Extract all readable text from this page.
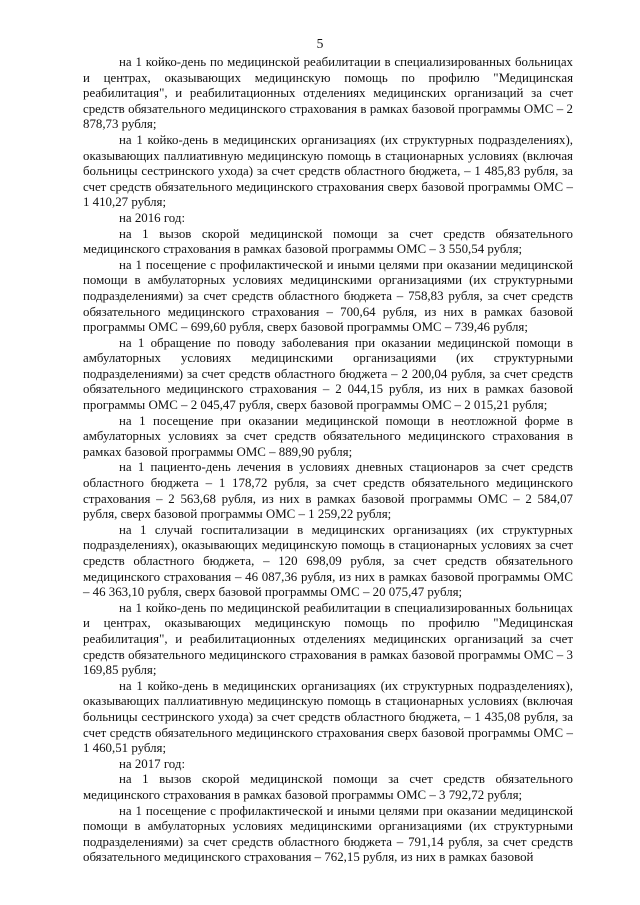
5

на 1 койко-день по медицинской реабилитации в специализированных больницах и центрах, оказывающих медицинскую помощь по профилю "Медицинская реабилитация", и реабилитационных отделениях медицинских организаций за счет средств обязательного медицинского страхования в рамках базовой программы ОМС – 2 878,73 рубля;

на 1 койко-день в медицинских организациях (их структурных подразделениях), оказывающих паллиативную медицинскую помощь в стационарных условиях (включая больницы сестринского ухода) за счет средств областного бюджета, – 1 485,83 рубля, за счет средств обязательного медицинского страхования сверх базовой программы ОМС – 1 410,27 рубля;

на 2016 год:

на 1 вызов скорой медицинской помощи за счет средств обязательного медицинского страхования в рамках базовой программы ОМС – 3 550,54 рубля;

на 1 посещение с профилактической и иными целями при оказании медицинской помощи в амбулаторных условиях медицинскими организациями (их структурными подразделениями) за счет средств областного бюджета – 758,83 рубля, за счет средств обязательного медицинского страхования – 700,64 рубля, из них в рамках базовой программы ОМС – 699,60 рубля, сверх базовой программы ОМС – 739,46 рубля;

на 1 обращение по поводу заболевания при оказании медицинской помощи в амбулаторных условиях медицинскими организациями (их структурными подразделениями) за счет средств областного бюджета – 2 200,04 рубля, за счет средств обязательного медицинского страхования – 2 044,15 рубля, из них в рамках базовой программы ОМС – 2 045,47 рубля, сверх базовой программы ОМС – 2 015,21 рубля;

на 1 посещение при оказании медицинской помощи в неотложной форме в амбулаторных условиях за счет средств обязательного медицинского страхования в рамках базовой программы ОМС – 889,90 рубля;

на 1 пациенто-день лечения в условиях дневных стационаров за счет средств областного бюджета – 1 178,72 рубля, за счет средств обязательного медицинского страхования – 2 563,68 рубля, из них в рамках базовой программы ОМС – 2 584,07 рубля, сверх базовой программы ОМС – 1 259,22 рубля;

на 1 случай госпитализации в медицинских организациях (их структурных подразделениях), оказывающих медицинскую помощь в стационарных условиях за счет средств областного бюджета, – 120 698,09 рубля, за счет средств обязательного медицинского страхования – 46 087,36 рубля, из них в рамках базовой программы ОМС – 46 363,10 рубля, сверх базовой программы ОМС – 20 075,47 рубля;

на 1 койко-день по медицинской реабилитации в специализированных больницах и центрах, оказывающих медицинскую помощь по профилю "Медицинская реабилитация", и реабилитационных отделениях медицинских организаций за счет средств обязательного медицинского страхования в рамках базовой программы ОМС – 3 169,85 рубля;

на 1 койко-день в медицинских организациях (их структурных подразделениях), оказывающих паллиативную медицинскую помощь в стационарных условиях (включая больницы сестринского ухода) за счет средств областного бюджета, – 1 435,08 рубля, за счет средств обязательного медицинского страхования сверх базовой программы ОМС – 1 460,51 рубля;

на 2017 год:

на 1 вызов скорой медицинской помощи за счет средств обязательного медицинского страхования в рамках базовой программы ОМС – 3 792,72 рубля;

на 1 посещение с профилактической и иными целями при оказании медицинской помощи в амбулаторных условиях медицинскими организациями (их структурными подразделениями) за счет средств областного бюджета – 791,14 рубля, за счет средств обязательного медицинского страхования – 762,15 рубля, из них в рамках базовой
